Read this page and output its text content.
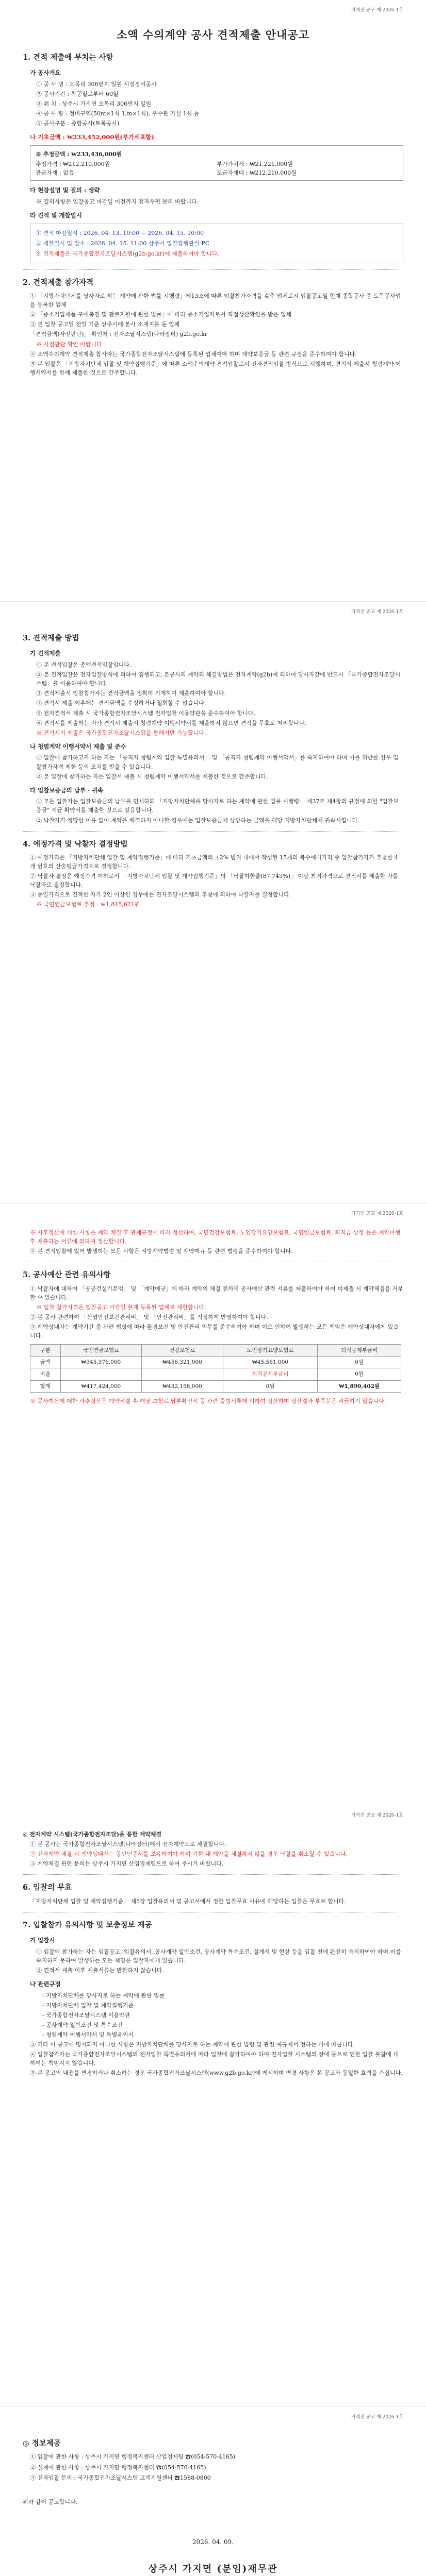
가격진 공고 제 2026-1호
소액 수의계약 공사 견적제출 안내공고
1. 견적 제출에 부치는 사항
가 공사개요

① 공 사 명 : 오목리 306번지 일원 시설정비공사

② 공사기간 : 착공일로부터 60일

③ 위 치 : 상주시 가지면 오목리 306번지 일원

④ 공 사 량 : 정비구역(50m×1식 1,m×1식), 우수관 가설 1식 등

⑤ 공사구분 : 종합공사(토목공사)

나 기초금액 : ₩233,452,000원(부가세포함)

※ 추정금액 : ₩233,436,000원

추정가격 : ₩212,210,000원	부가가치세 : ₩21,221,000원
관급자재 : 없음	도급자재대 : ₩212,210,000원
다 현장설명 및 질의 : 생략

※ 질의사항은 입찰공고 마감일 이전까지 전자우편 문의 바랍니다.

라 견적 및 개찰일시

① 견적 마감일시 : 2026. 04. 13. 10:00 ~ 2026. 04. 15. 10:00

② 개찰일시 및 장소 : 2026. 04. 15. 11:00 상주시 입찰집행관실 PC

※ 견적제출은 국가종합전자조달시스템(g2b.go.kr)에 제출하여야 합니다.

2. 견적제출 참가자격

① 「지방자치단체를 당사자로 하는 계약에 관한 법률 시행령」제13조에 따른 입찰참가자격을 갖춘 업체로서 입찰공고일 현재 종합공사 중 토목공사업을 등록한 업체

② 「중소기업제품 구매촉진 및 판로지원에 관한 법률」에 따라 중소기업자로서 직접생산확인을 받은 업체

③ 본 입찰 공고일 전일 기준 상주시에 본사 소재지를 둔 업체

「견적금액(사전판단)」 확인처 : 전자조달시스템(나라장터) g2b.go.kr

※ 사전판단 확인 바랍니다

④ 소액수의계약 견적제출 참가자는 국가종합전자조달시스템에 등록된 업체여야 하며 계약보증금 등 관련 규정을 준수하여야 합니다.

⑤ 본 입찰은 「지방자치단체 입찰 및 계약집행기준」에 따른 소액수의계약 견적입찰로서 전자견적입찰 방식으로 시행하며, 견적서 제출시 청렴계약 이행서약서를 함께 제출한 것으로 간주합니다.

가격진 공고 제 2026-1호
3. 견적제출 방법
가 견적제출

① 본 견적입찰은 총액견적입찰입니다.

② 본 견적입찰은 전자입찰방식에 의하여 집행되고, 본공사의 계약의 체결방법은 전자계약(g2b)에 의하여 당사자간에 반드시 「국가종합전자조달시스템」을 이용하여야 합니다.

③ 견적제출시 입찰참가자는 견적금액을 정확히 기재하여 제출하여야 합니다.

④ 견적서 제출 이후에는 견적금액을 수정하거나 철회할 수 없습니다.

⑤ 전자견적서 제출 시 국가종합전자조달시스템 전자입찰 이용약관을 준수하여야 합니다.

⑥ 견적서를 제출하는 자가 견적서 제출시 청렴계약 이행서약서를 제출하지 않으면 견적을 무효로 처리합니다.

※ 견적서의 제출은 국가종합전자조달시스템을 통해서만 가능합니다.

나 청렴계약 이행서약서 제출 및 준수

① 입찰에 참가하고자 하는 자는 「공직자 청렴계약 입찰 특별유의서」 및 「공직자 청렴계약 이행서약서」를 숙지하여야 하며 이를 위반한 경우 입찰참가자격 제한 등의 조치를 받을 수 있습니다.

② 본 입찰에 참가하는 자는 입찰서 제출 시 청렴계약 이행서약서를 제출한 것으로 간주합니다.

다 입찰보증금의 납부 · 귀속

① 모든 입찰자는 입찰보증금의 납부를 면제하되 「지방자치단체를 당사자로 하는 계약에 관한 법률 시행령」 제37조 제4항의 규정에 의한 "입찰보증금" 지급 확약서를 제출한 것으로 갈음합니다.

② 낙찰자가 정당한 이유 없이 계약을 체결하지 아니할 경우에는 입찰보증금에 상당하는 금액을 해당 지방자치단체에 귀속시킵니다.

4. 예정가격 및 낙찰자 결정방법

① 예정가격은 「지방자치단체 입찰 및 계약집행기준」에 따라 기초금액의 ±2% 범위 내에서 작성된 15개의 복수예비가격 중 입찰참가자가 추첨한 4개 번호의 산술평균가격으로 결정합니다.

② 낙찰자 결정은 예정가격 이하로서 「지방자치단체 입찰 및 계약집행기준」의 「낙찰하한율(87.745%)」 이상 최저가격으로 견적서를 제출한 자를 낙찰자로 결정합니다.

③ 동일가격으로 견적한 자가 2인 이상인 경우에는 전자조달시스템의 추첨에 의하여 낙찰자를 결정합니다.

※ 국민연금보험료 추정 : ₩1,845,621원

가격진 공고 제 2026-1호

※ 사후정산에 대한 사항은 계약 체결 후 관계규정에 따라 정산하며, 국민건강보험료, 노인장기요양보험료, 국민연금보험료, 퇴직금 상정 등은 계약이행 후 제출하는 서류에 의하여 정산합니다.

④ 본 견적입찰에 있어 발생하는 모든 사항은 지방계약법령 및 계약예규 등 관련 법령을 준수하여야 합니다.

5. 공사예산 관련 유의사항

① 낙찰자에 대하여 「공공건설기본법」 및 「계약예규」에 따라 계약의 체결 전까지 공사예산 관련 서류를 제출하여야 하며 미제출 시 계약체결을 거부할 수 있습니다.

※ 입찰 참가자격은 입찰공고 마감일 현재 등록된 업체로 제한합니다.

② 본 공사 관련하여 「산업안전보건관리비」 및 「안전관리비」를 적정하게 반영하여야 합니다.

③ 계약상대자는 계약기간 중 관련 법령에 따라 환경보전 및 안전관리 의무를 준수하여야 하며 이로 인하여 발생하는 모든 책임은 계약상대자에게 있습니다.

구분	국민연금보험료	건강보험료	노인장기요양보험료	퇴직공제부금비
금액	₩345,376,000	₩456,321,000	₩45,561,000	0원
비율			퇴직공제부금비	0원
합계	₩417,424,000	₩432,158,000	0원	₩1,890,402원

※ 공사예산에 대한 사후정산은 계약체결 후 해당 보험료 납부확인서 등 관련 증빙서류에 의하여 정산하며 정산결과 부족분은 지급하지 않습니다.

가격진 공고 제 2026-1호

◎ 전자계약 시스템(국가종합전자조달)을 통한 계약체결

① 본 공사는 국가종합전자조달시스템(나라장터)에서 전자계약으로 체결합니다.

② 전자계약 체결 시 계약상대자는 공인인증서를 보유하여야 하며 기한 내 계약을 체결하지 않을 경우 낙찰을 취소할 수 있습니다.

③ 계약체결 관련 문의는 상주시 가지면 산업경제팀으로 하여 주시기 바랍니다.

6. 입찰의 무효

「지방자치단체 입찰 및 계약집행기준」 제5장 입찰유의서 및 공고서에서 정한 입찰무효 사유에 해당하는 입찰은 무효로 합니다.

7. 입찰참가 유의사항 및 보충정보 제공
가 입찰시

① 입찰에 참가하는 자는 입찰공고, 입찰유의서, 공사계약 일반조건, 공사계약 특수조건, 설계서 및 현장 등을 입찰 전에 완전히 숙지하여야 하며 이를 숙지하지 못하여 발생하는 모든 책임은 입찰자에게 있습니다.

② 견적서 제출 이후 제출서류는 반환하지 않습니다.

나 관련규정

- 지방자치단체를 당사자로 하는 계약에 관한 법률

- 지방자치단체 입찰 및 계약집행기준

- 국가종합전자조달시스템 이용약관

- 공사계약 일반조건 및 특수조건

- 청렴계약 이행서약서 및 특별유의서

③ 기타 이 공고에 명시되지 아니한 사항은 지방자치단체를 당사자로 하는 계약에 관한 법령 및 관련 예규에서 정하는 바에 따릅니다.

④ 입찰참가자는 국가종합전자조달시스템의 전자입찰 특별유의서에 따라 입찰에 참가하여야 하며 전자입찰 시스템의 장애 등으로 인한 입찰 불참에 대하여는 책임지지 않습니다.

⑤ 본 공고의 내용을 변경하거나 취소하는 경우 국가종합전자조달시스템(www.g2b.go.kr)에 게시하며 변경 사항은 본 공고와 동일한 효력을 가집니다.

가격진 공고 제 2026-1호
◎ 정보제공

① 입찰에 관한 사항 : 상주시 가지면 행정복지센터 산업경제팀 ☎(054-570-4165)

② 설계에 관한 사항 : 상주시 가지면 행정복지센터 ☎(054-570-4165)

③ 전자입찰 문의 : 국가종합전자조달시스템 고객지원센터 ☎1588-0800

위와 같이 공고합니다.

2026. 04. 09.
상주시 가지면 (분임)재무관
